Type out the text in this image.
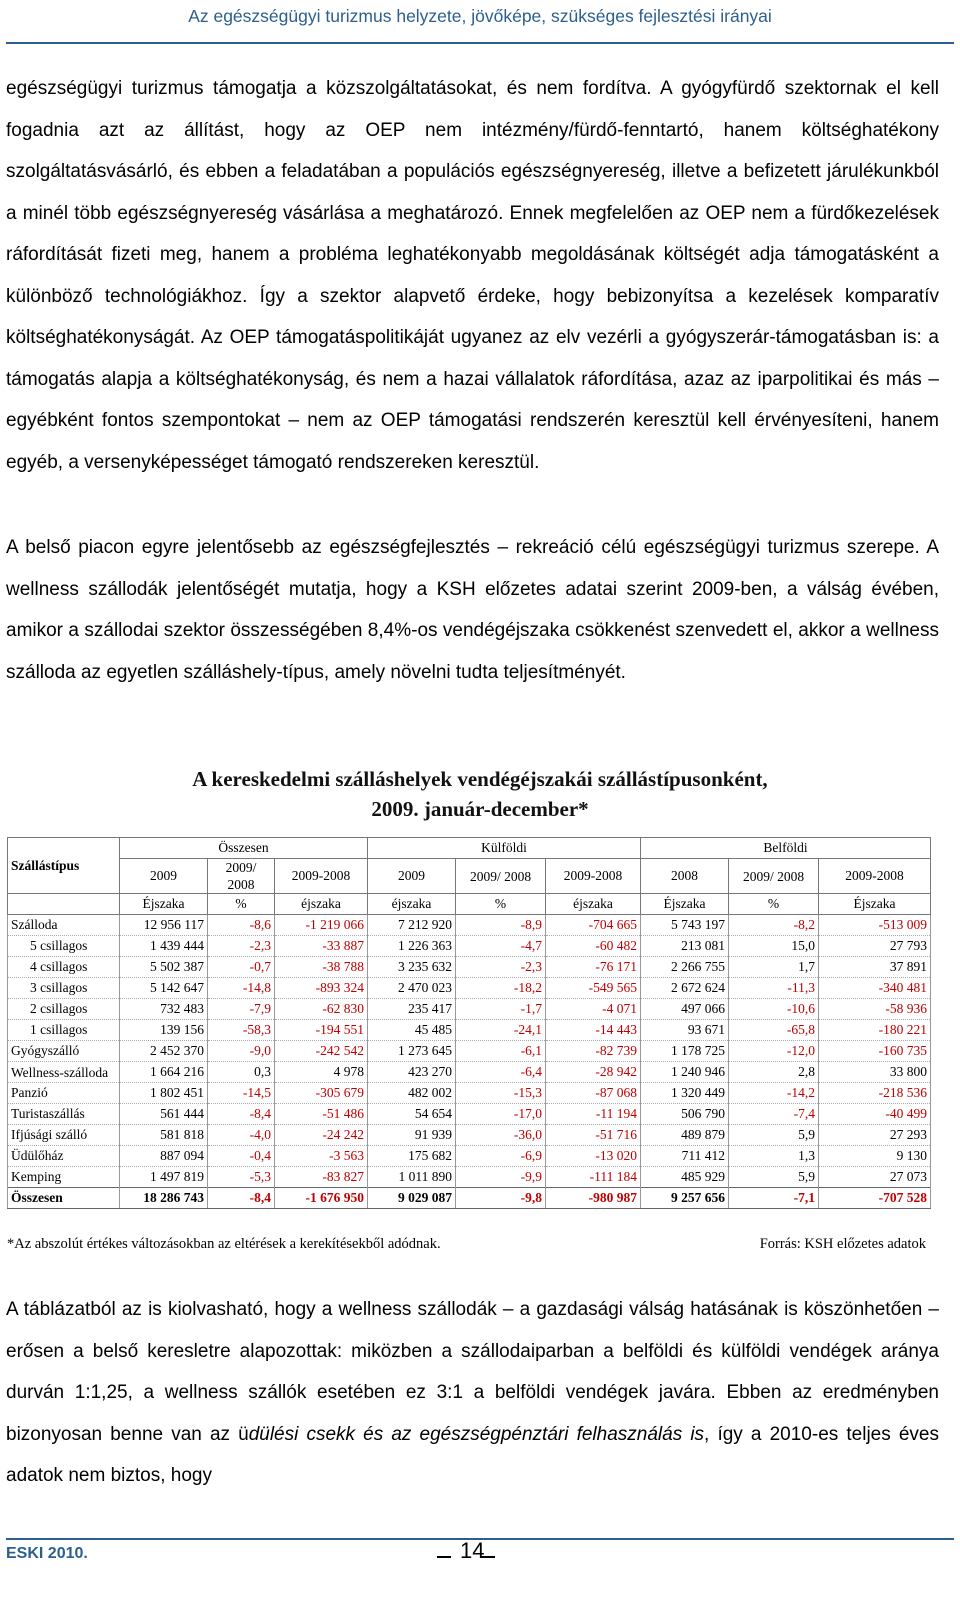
Az egészségügyi turizmus helyzete, jövőképe, szükséges fejlesztési irányai

egészségügyi turizmus támogatja a közszolgáltatásokat, és nem fordítva. A gyógyfürdő szektornak el kell fogadnia azt az állítást, hogy az OEP nem intézmény/fürdő-fenntartó, hanem költséghatékony szolgáltatásvásárló, és ebben a feladatában a populációs egészségnyereség, illetve a befizetett járulékunkból a minél több egészségnyereség vásárlása a meghatározó. Ennek megfelelően az OEP nem a fürdőkezelések ráfordítását fizeti meg, hanem a probléma leghatékonyabb megoldásának költségét adja támogatásként a különböző technológiákhoz. Így a szektor alapvető érdeke, hogy bebizonyítsa a kezelések komparatív költséghatékonyságát. Az OEP támogatáspolitikáját ugyanez az elv vezérli a gyógyszerár-támogatásban is: a támogatás alapja a költséghatékonyság, és nem a hazai vállalatok ráfordítása, azaz az iparpolitikai és más – egyébként fontos szempontokat – nem az OEP támogatási rendszerén keresztül kell érvényesíteni, hanem egyéb, a versenyképességet támogató rendszereken keresztül.

A belső piacon egyre jelentősebb az egészségfejlesztés – rekreáció célú egészségügyi turizmus szerepe. A wellness szállodák jelentőségét mutatja, hogy a KSH előzetes adatai szerint 2009-ben, a válság évében, amikor a szállodai szektor összességében 8,4%-os vendégéjszaka csökkenést szenvedett el, akkor a wellness szálloda az egyetlen szálláshely-típus, amely növelni tudta teljesítményét.

A kereskedelmi szálláshelyek vendégéjszakái szállástípusonként,
2009. január-december*
Szállástípus	Összesen			Külföldi			Belföldi		
	2009	2009/ 2008	2009-2008	2009	2009/ 2008	2009-2008	2008	2009/ 2008	2009-2008
	Éjszaka	%	éjszaka	éjszaka	%	éjszaka	Éjszaka	%	Éjszaka
Szálloda	12 956 117	-8,6	-1 219 066	7 212 920	-8,9	-704 665	5 743 197	-8,2	-513 009
5 csillagos	1 439 444	-2,3	-33 887	1 226 363	-4,7	-60 482	213 081	15,0	27 793
4 csillagos	5 502 387	-0,7	-38 788	3 235 632	-2,3	-76 171	2 266 755	1,7	37 891
3 csillagos	5 142 647	-14,8	-893 324	2 470 023	-18,2	-549 565	2 672 624	-11,3	-340 481
2 csillagos	732 483	-7,9	-62 830	235 417	-1,7	-4 071	497 066	-10,6	-58 936
1 csillagos	139 156	-58,3	-194 551	45 485	-24,1	-14 443	93 671	-65,8	-180 221
Gyógyszálló	2 452 370	-9,0	-242 542	1 273 645	-6,1	-82 739	1 178 725	-12,0	-160 735
Wellness-szálloda	1 664 216	0,3	4 978	423 270	-6,4	-28 942	1 240 946	2,8	33 800
Panzió	1 802 451	-14,5	-305 679	482 002	-15,3	-87 068	1 320 449	-14,2	-218 536
Turistaszállás	561 444	-8,4	-51 486	54 654	-17,0	-11 194	506 790	-7,4	-40 499
Ifjúsági szálló	581 818	-4,0	-24 242	91 939	-36,0	-51 716	489 879	5,9	27 293
Üdülőház	887 094	-0,4	-3 563	175 682	-6,9	-13 020	711 412	1,3	9 130
Kemping	1 497 819	-5,3	-83 827	1 011 890	-9,9	-111 184	485 929	5,9	27 073
Összesen	18 286 743	-8,4	-1 676 950	9 029 087	-9,8	-980 987	9 257 656	-7,1	-707 528
*Az abszolút értékes változásokban az eltérések a kerekítésekből adódnak.	Forrás: KSH előzetes adatok

A táblázatból az is kiolvasható, hogy a wellness szállodák – a gazdasági válság hatásának is köszönhetően – erősen a belső keresletre alapozottak: miközben a szállodaiparban a belföldi és külföldi vendégek aránya durván 1:1,25, a wellness szállók esetében ez 3:1 a belföldi vendégek javára. Ebben az eredményben bizonyosan benne van az üdülési csekk és az egészségpénztári felhasználás is, így a 2010-es teljes éves adatok nem biztos, hogy

ESKI 2010.	14
